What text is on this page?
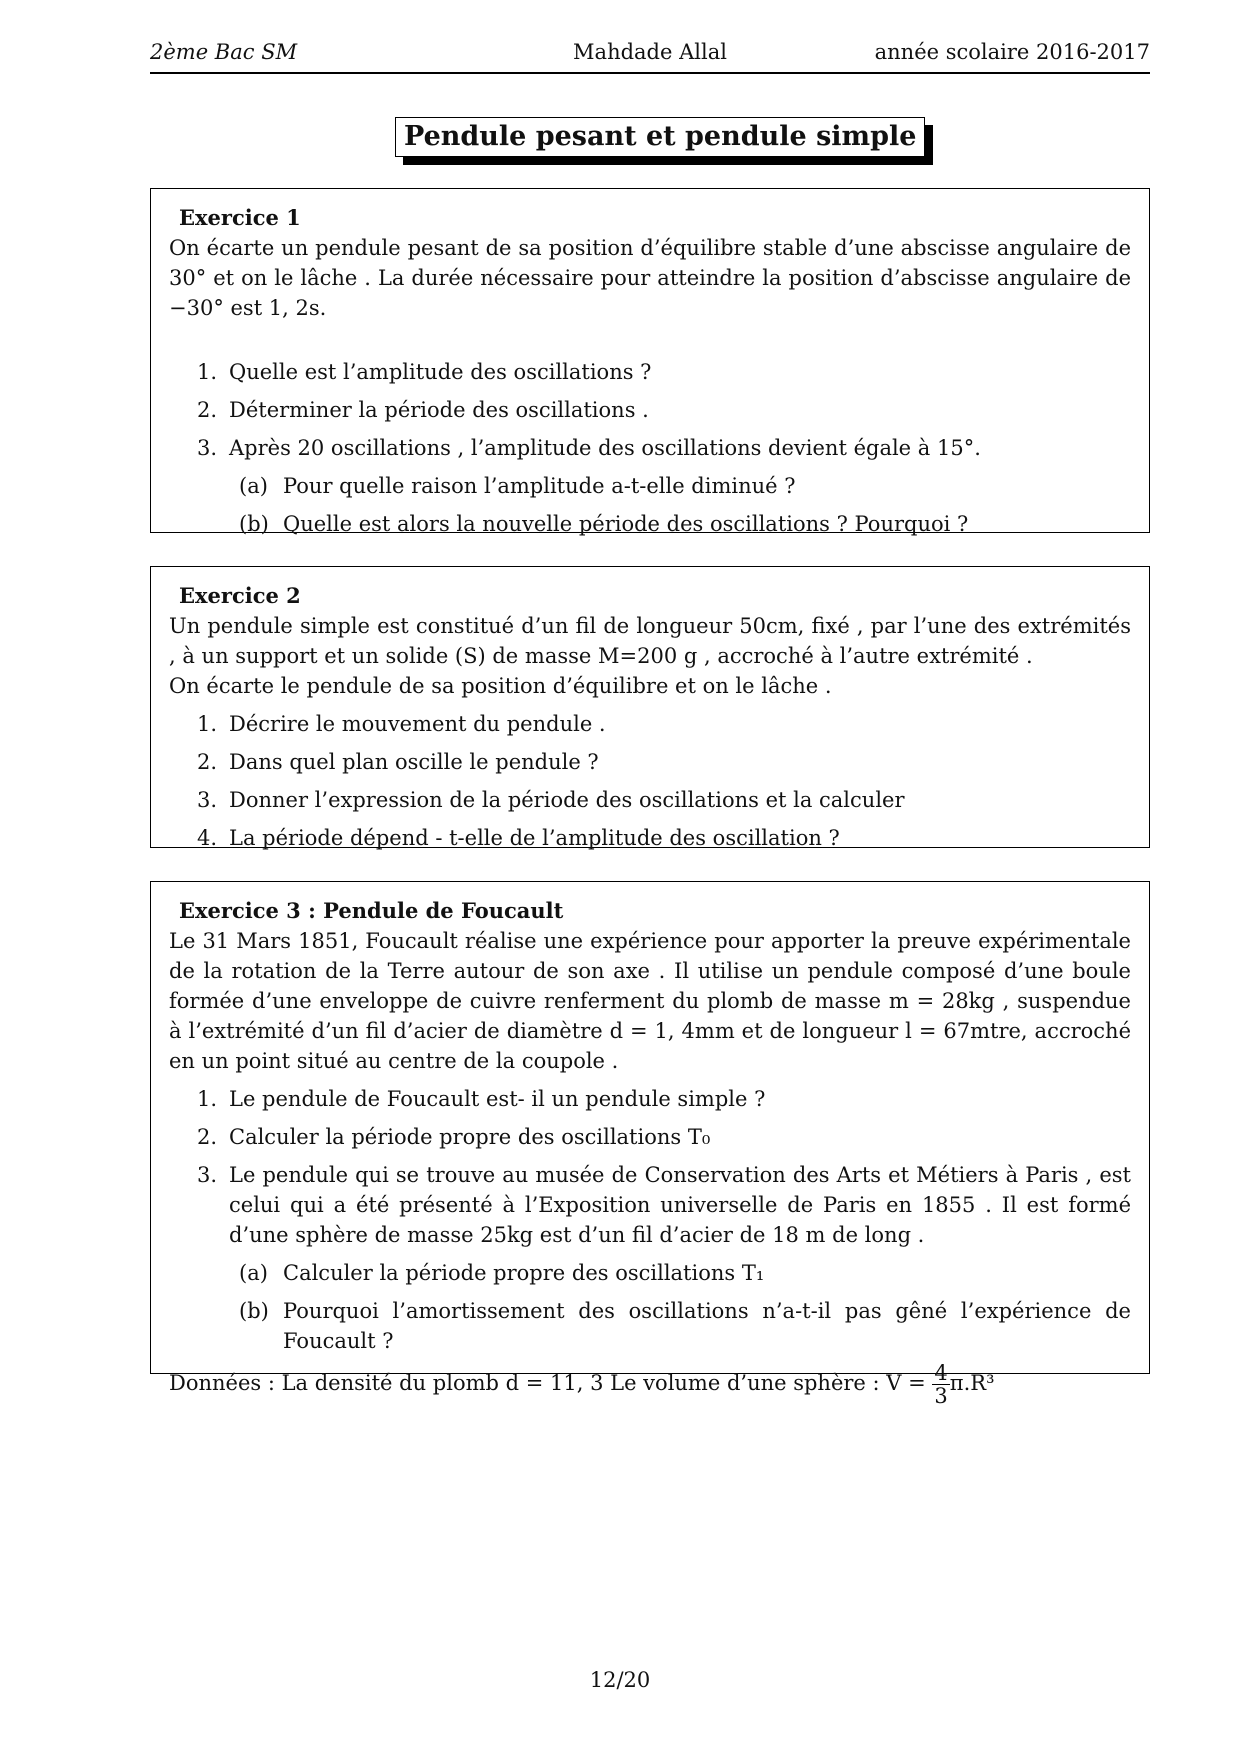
Mahdade Allal
2ème Bac SM	année scolaire 2016-2017
Pendule pesant et pendule simple
Exercice 1
On écarte un pendule pesant de sa position d’équilibre stable d’une abscisse angulaire de 30° et on le lâche . La durée nécessaire pour atteindre la position d’abscisse angulaire de −30° est 1, 2s.
1. Quelle est l’amplitude des oscillations ?
2. Déterminer la période des oscillations .
3. Après 20 oscillations , l’amplitude des oscillations devient égale à 15°.
(a) Pour quelle raison l’amplitude a-t-elle diminué ?
(b) Quelle est alors la nouvelle période des oscillations ? Pourquoi ?
Exercice 2
Un pendule simple est constitué d’un fil de longueur 50cm, fixé , par l’une des extrémités , à un support et un solide (S) de masse M=200 g , accroché à l’autre extrémité .
On écarte le pendule de sa position d’équilibre et on le lâche .
1. Décrire le mouvement du pendule .
2. Dans quel plan oscille le pendule ?
3. Donner l’expression de la période des oscillations et la calculer
4. La période dépend - t-elle de l’amplitude des oscillation ?
Exercice 3 : Pendule de Foucault
Le 31 Mars 1851, Foucault réalise une expérience pour apporter la preuve expérimentale de la rotation de la Terre autour de son axe . Il utilise un pendule composé d’une boule formée d’une enveloppe de cuivre renferment du plomb de masse m = 28kg , suspendue à l’extrémité d’un fil d’acier de diamètre d = 1, 4mm et de longueur l = 67mtre, accroché en un point situé au centre de la coupole .
1. Le pendule de Foucault est- il un pendule simple ?
2. Calculer la période propre des oscillations T₀
3. Le pendule qui se trouve au musée de Conservation des Arts et Métiers à Paris , est celui qui a été présenté à l’Exposition universelle de Paris en 1855 . Il est formé d’une sphère de masse 25kg est d’un fil d’acier de 18 m de long .
(a) Calculer la période propre des oscillations T₁
(b) Pourquoi l’amortissement des oscillations n’a-t-il pas gêné l’expérience de Foucault ?
Données : La densité du plomb d = 11, 3 Le volume d’une sphère : $V = \frac{4}{3} \pi.R^3$
12/20
